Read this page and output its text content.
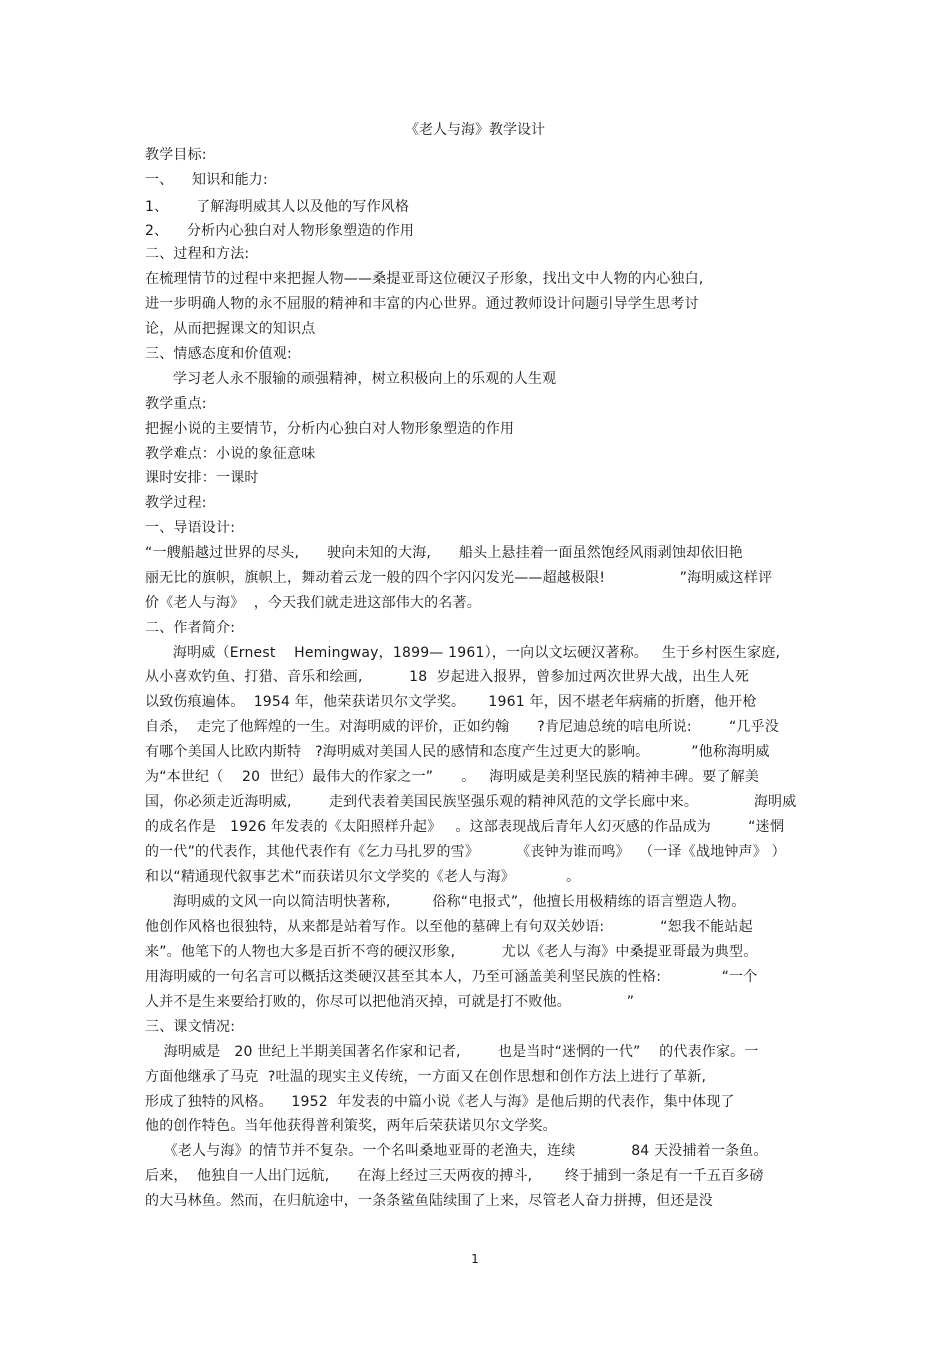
《老人与海》教学设计
教学目标:
一、    知识和能力:
1、      了解海明威其人以及他的写作风格
2、    分析内心独白对人物形象塑造的作用
二、过程和方法:
在梳理情节的过程中来把握人物——桑提亚哥这位硬汉子形象，找出文中人物的内心独白,
进一步明确人物的永不屈服的精神和丰富的内心世界。通过教师设计问题引导学生思考讨
论，从而把握课文的知识点
三、情感态度和价值观:
学习老人永不服输的顽强精神，树立积极向上的乐观的人生观
教学重点:
把握小说的主要情节，分析内心独白对人物形象塑造的作用
教学难点：小说的象征意味
课时安排：一课时
教学过程:
一、导语设计:
“一艘船越过世界的尽头,      驶向未知的大海,      船头上悬挂着一面虽然饱经风雨剥蚀却依旧艳
丽无比的旗帜，旗帜上，舞动着云龙一般的四个字闪闪发光——超越极限!                ”海明威这样评
价《老人与海》  ，今天我们就走进这部伟大的名著。
二、作者简介:
海明威（Ernest    Hemingway，1899— 1961），一向以文坛硬汉著称。   生于乡村医生家庭,
从小喜欢钓鱼、打猎、音乐和绘画,          18  岁起进入报界，曾参加过两次世界大战，出生人死
以致伤痕遍体。  1954 年，他荣获诺贝尔文学奖。     1961 年，因不堪老年病痛的折磨，他开枪
自杀，  走完了他辉煌的一生。对海明威的评价，正如约翰      ?肯尼迪总统的唁电所说:        “几乎没
有哪个美国人比欧内斯特   ?海明威对美国人民的感情和态度产生过更大的影响。         ”他称海明威
为“本世纪（    20  世纪）最伟大的作家之一”      。   海明威是美利坚民族的精神丰碑。要了解美
国，你必须走近海明威,        走到代表着美国民族坚强乐观的精神风范的文学长廊中来。            海明威
的成名作是   1926 年发表的《太阳照样升起》   。这部表现战后青年人幻灭感的作品成为        “迷惘
的一代”的代表作，其他代表作有《乞力马扎罗的雪》        《丧钟为谁而鸣》  （一译《战地钟声》 ）
和以“精通现代叙事艺术”而获诺贝尔文学奖的《老人与海》           。
海明威的文风一向以简洁明快著称,         俗称“电报式”，他擅长用极精练的语言塑造人物。
他创作风格也很独特，从来都是站着写作。以至他的墓碑上有句双关妙语:            “恕我不能站起
来”。他笔下的人物也大多是百折不弯的硬汉形象,          尤以《老人与海》中桑提亚哥最为典型。
用海明威的一句名言可以概括这类硬汉甚至其本人，乃至可涵盖美利坚民族的性格:             “一个
人并不是生来要给打败的，你尽可以把他消灭掉，可就是打不败他。            ”
三、课文情况:
海明威是   20 世纪上半期美国著名作家和记者,        也是当时“迷惘的一代”    的代表作家。一
方面他继承了马克  ?吐温的现实主义传统，一方面又在创作思想和创作方法上进行了革新,
形成了独特的风格。    1952  年发表的中篇小说《老人与海》是他后期的代表作，集中体现了
他的创作特色。当年他获得普利策奖，两年后荣获诺贝尔文学奖。
《老人与海》的情节并不复杂。一个名叫桑地亚哥的老渔夫，连续            84 天没捕着一条鱼。
后来，  他独自一人出门远航,      在海上经过三天两夜的搏斗,       终于捕到一条足有一千五百多磅
的大马林鱼。然而，在归航途中，一条条鲨鱼陆续围了上来，尽管老人奋力拼搏，但还是没
1
